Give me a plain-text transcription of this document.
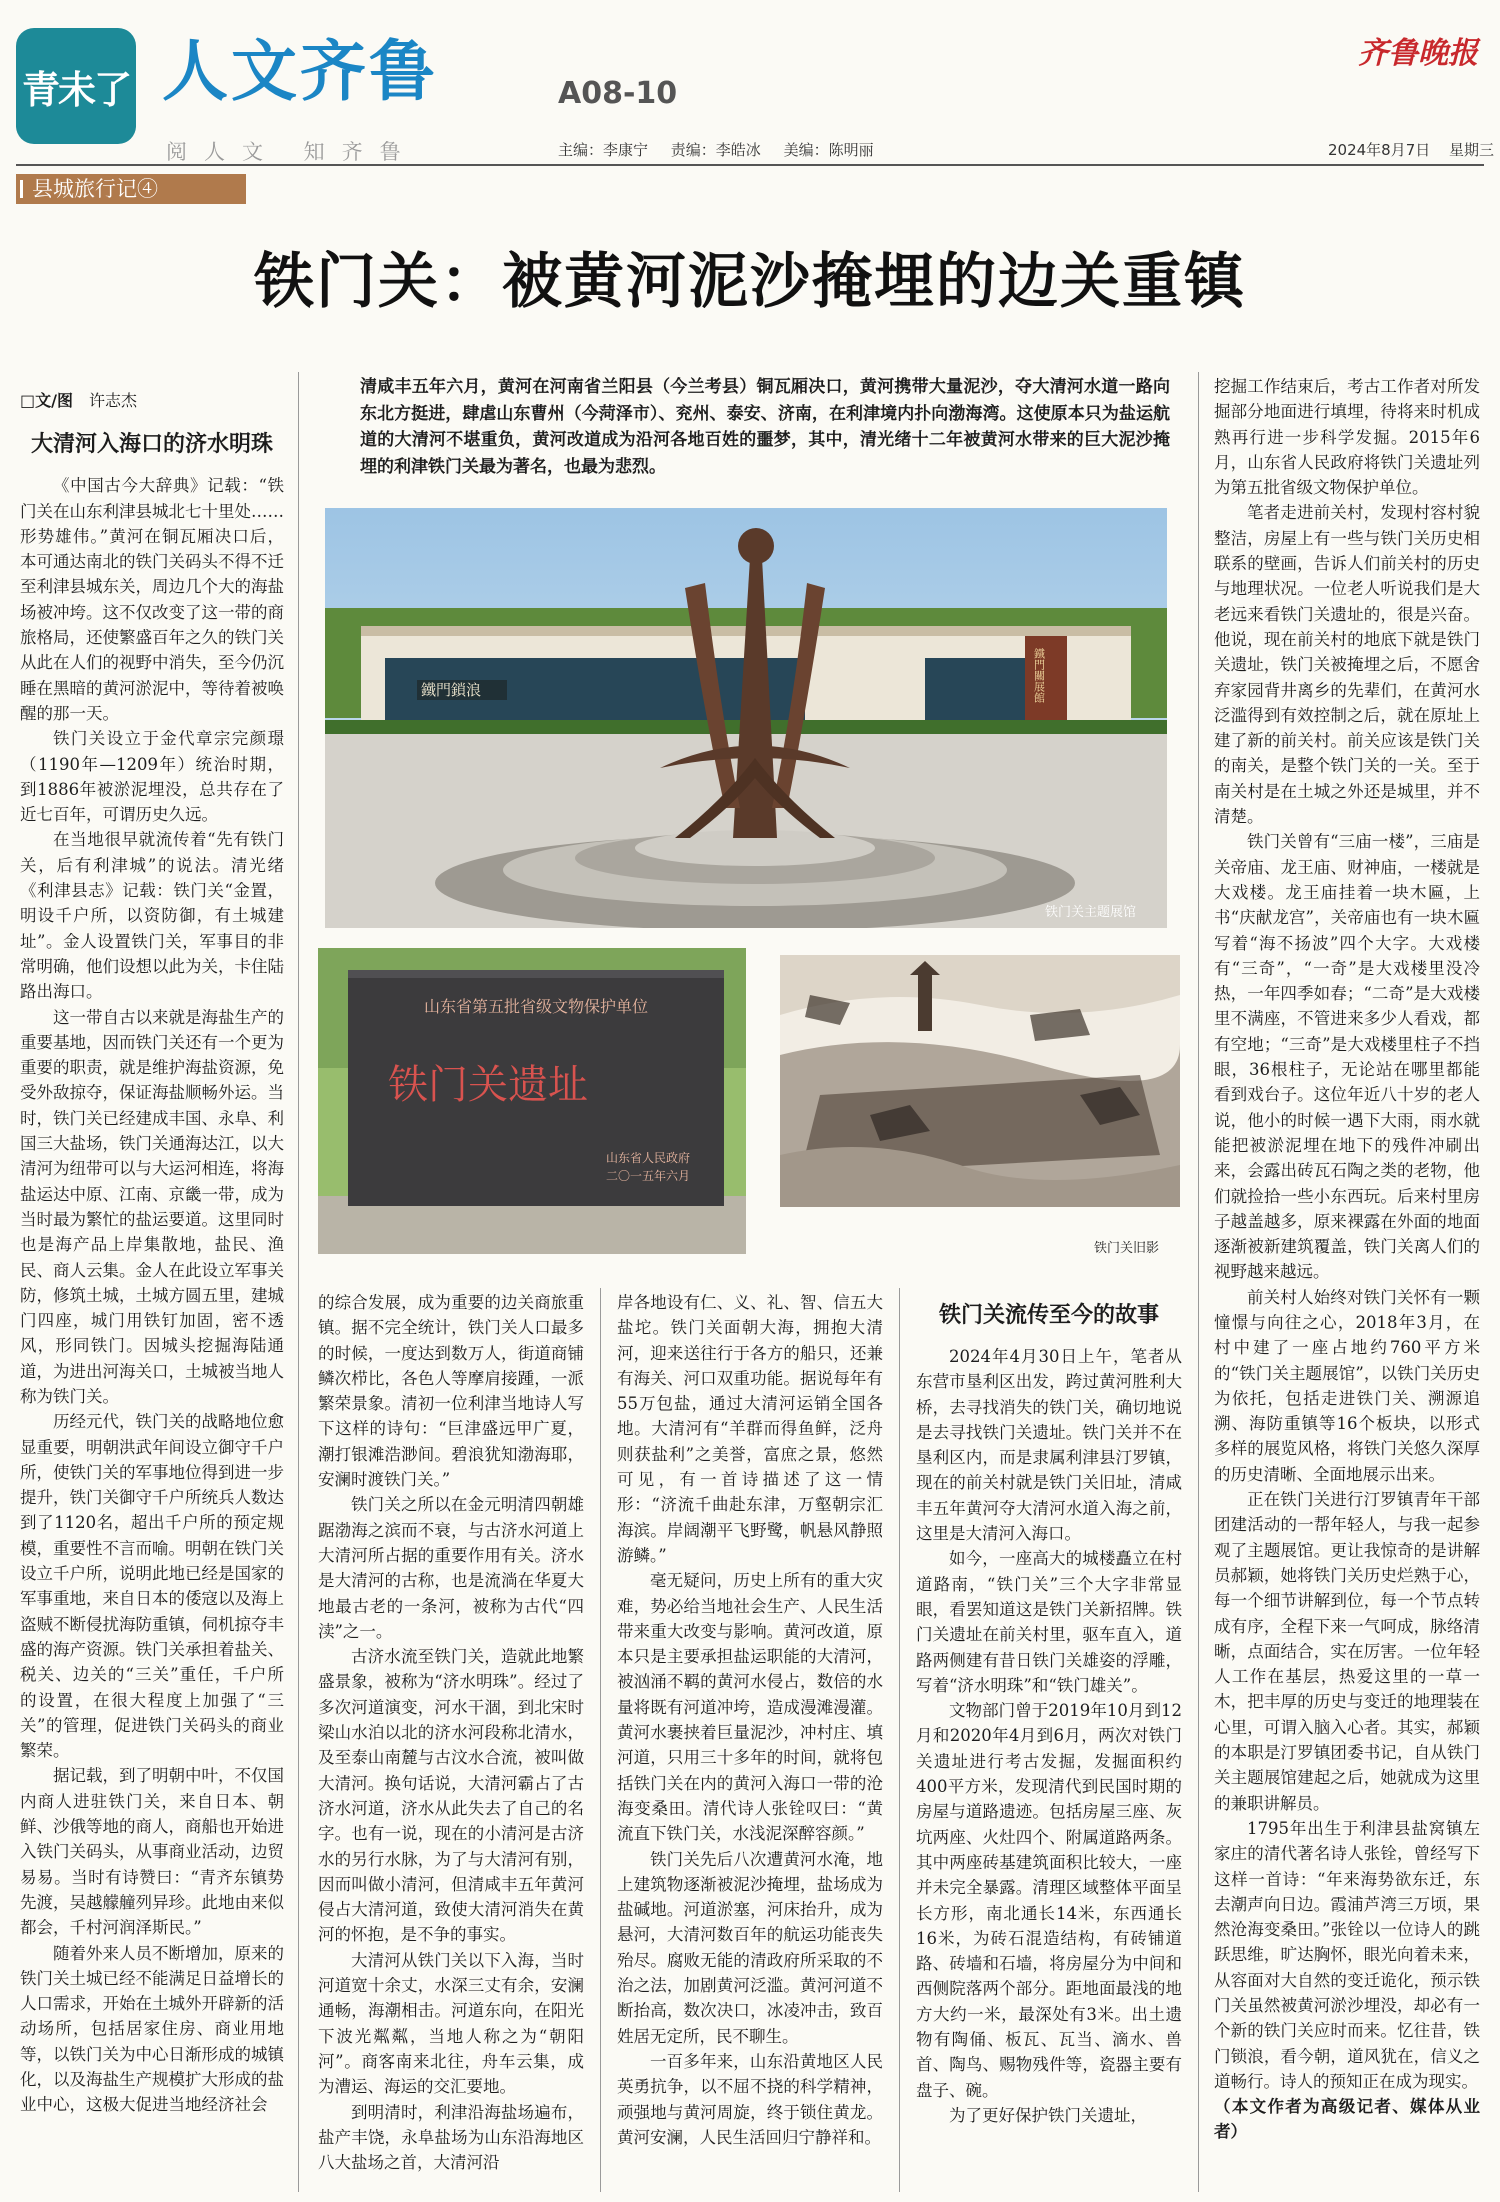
青未了 人文齐鲁	A08-10
齐鲁晚报
阅人文 知齐鲁	主编：李康宁 责编：李皓冰 美编：陈明丽	2024年8月7日 星期三
县城旅行记④
铁门关：被黄河泥沙掩埋的边关重镇

□文/图 许志杰

大清河入海口的济水明珠

《中国古今大辞典》记载：“铁门关在山东利津县城北七十里处……形势雄伟。”黄河在铜瓦厢决口后，本可通达南北的铁门关码头不得不迁至利津县城东关，周边几个大的海盐场被冲垮。这不仅改变了这一带的商旅格局，还使繁盛百年之久的铁门关从此在人们的视野中消失，至今仍沉睡在黑暗的黄河淤泥中，等待着被唤醒的那一天。

铁门关设立于金代章宗完颜璟（1190年—1209年）统治时期，到1886年被淤泥埋没，总共存在了近七百年，可谓历史久远。

在当地很早就流传着“先有铁门关，后有利津城”的说法。清光绪《利津县志》记载：铁门关“金置，明设千户所，以资防御，有土城建址”。金人设置铁门关，军事目的非常明确，他们设想以此为关，卡住陆路出海口。

这一带自古以来就是海盐生产的重要基地，因而铁门关还有一个更为重要的职责，就是维护海盐资源，免受外敌掠夺，保证海盐顺畅外运。当时，铁门关已经建成丰国、永阜、利国三大盐场，铁门关通海达江，以大清河为纽带可以与大运河相连，将海盐运达中原、江南、京畿一带，成为当时最为繁忙的盐运要道。这里同时也是海产品上岸集散地，盐民、渔民、商人云集。金人在此设立军事关防，修筑土城，土城方圆五里，建城门四座，城门用铁钉加固，密不透风，形同铁门。因城头挖掘海陆通道，为进出河海关口，土城被当地人称为铁门关。

历经元代，铁门关的战略地位愈显重要，明朝洪武年间设立御守千户所，使铁门关的军事地位得到进一步提升，铁门关御守千户所统兵人数达到了1120名，超出千户所的预定规模，重要性不言而喻。明朝在铁门关设立千户所，说明此地已经是国家的军事重地，来自日本的倭寇以及海上盗贼不断侵扰海防重镇，伺机掠夺丰盛的海产资源。铁门关承担着盐关、税关、边关的“三关”重任，千户所的设置，在很大程度上加强了“三关”的管理，促进铁门关码头的商业繁荣。

据记载，到了明朝中叶，不仅国内商人进驻铁门关，来自日本、朝鲜、沙俄等地的商人，商船也开始进入铁门关码头，从事商业活动，边贸易易。当时有诗赞曰：“青齐东镇势先渡，吴越艨艟列异珍。此地由来似都会，千村河润泽斯民。”

随着外来人员不断增加，原来的铁门关土城已经不能满足日益增长的人口需求，开始在土城外开辟新的活动场所，包括居家住房、商业用地等，以铁门关为中心日渐形成的城镇化，以及海盐生产规模扩大形成的盐业中心，这极大促进当地经济社会

清咸丰五年六月，黄河在河南省兰阳县（今兰考县）铜瓦厢决口，黄河携带大量泥沙，夺大清河水道一路向东北方挺进，肆虐山东曹州（今菏泽市）、兖州、泰安、济南，在利津境内扑向渤海湾。这使原本只为盐运航道的大清河不堪重负，黄河改道成为沿河各地百姓的噩梦，其中，清光绪十二年被黄河水带来的巨大泥沙掩埋的利津铁门关最为著名，也最为悲烈。
鐵門鎖浪	鐵門關展館
铁门关主题展馆
山东省第五批省级文物保护单位
铁门关遗址
山东省人民政府
二〇一五年六月
铁门关旧影

的综合发展，成为重要的边关商旅重镇。据不完全统计，铁门关人口最多的时候，一度达到数万人，街道商铺鳞次栉比，各色人等摩肩接踵，一派繁荣景象。清初一位利津当地诗人写下这样的诗句：“巨津盛远甲广夏，潮打银滩浩渺间。碧浪犹知渤海耶，安澜时渡铁门关。”

铁门关之所以在金元明清四朝雄踞渤海之滨而不衰，与古济水河道上大清河所占据的重要作用有关。济水是大清河的古称，也是流淌在华夏大地最古老的一条河，被称为古代“四渎”之一。

古济水流至铁门关，造就此地繁盛景象，被称为“济水明珠”。经过了多次河道演变，河水干涸，到北宋时梁山水泊以北的济水河段称北清水，及至泰山南麓与古汶水合流，被叫做大清河。换句话说，大清河霸占了古济水河道，济水从此失去了自己的名字。也有一说，现在的小清河是古济水的另行水脉，为了与大清河有别，因而叫做小清河，但清咸丰五年黄河侵占大清河道，致使大清河消失在黄河的怀抱，是不争的事实。

大清河从铁门关以下入海，当时河道宽十余丈，水深三丈有余，安澜通畅，海潮相击。河道东向，在阳光下波光粼粼，当地人称之为“朝阳河”。商客南来北往，舟车云集，成为漕运、海运的交汇要地。

到明清时，利津沿海盐场遍布，盐产丰饶，永阜盐场为山东沿海地区八大盐场之首，大清河沿

岸各地设有仁、义、礼、智、信五大盐坨。铁门关面朝大海，拥抱大清河，迎来送往行于各方的船只，还兼有海关、河口双重功能。据说每年有55万包盐，通过大清河运销全国各地。大清河有“羊群而得鱼鲜，泛舟则获盐利”之美誉，富庶之景，悠然可见，有一首诗描述了这一情形：“济流千曲赴东津，万壑朝宗汇海滨。岸阔潮平飞野鹭，帆悬风静照游鳞。”

毫无疑问，历史上所有的重大灾难，势必给当地社会生产、人民生活带来重大改变与影响。黄河改道，原本只是主要承担盐运职能的大清河，被汹涌不羁的黄河水侵占，数倍的水量将既有河道冲垮，造成漫滩漫灌。黄河水裹挟着巨量泥沙，冲村庄、填河道，只用三十多年的时间，就将包括铁门关在内的黄河入海口一带的沧海变桑田。清代诗人张铨叹曰：“黄流直下铁门关，水浅泥深醉容颜。”

铁门关先后八次遭黄河水淹，地上建筑物逐渐被泥沙掩埋，盐场成为盐碱地。河道淤塞，河床抬升，成为悬河，大清河数百年的航运功能丧失殆尽。腐败无能的清政府所采取的不治之法，加剧黄河泛滥。黄河河道不断抬高，数次决口，冰凌冲击，致百姓居无定所，民不聊生。

一百多年来，山东沿黄地区人民英勇抗争，以不屈不挠的科学精神，顽强地与黄河周旋，终于锁住黄龙。黄河安澜，人民生活回归宁静祥和。

铁门关流传至今的故事

2024年4月30日上午，笔者从东营市垦利区出发，跨过黄河胜利大桥，去寻找消失的铁门关，确切地说是去寻找铁门关遗址。铁门关并不在垦利区内，而是隶属利津县汀罗镇，现在的前关村就是铁门关旧址，清咸丰五年黄河夺大清河水道入海之前，这里是大清河入海口。

如今，一座高大的城楼矗立在村道路南，“铁门关”三个大字非常显眼，看罢知道这是铁门关新招牌。铁门关遗址在前关村里，驱车直入，道路两侧建有昔日铁门关雄姿的浮雕，写着“济水明珠”和“铁门雄关”。

文物部门曾于2019年10月到12月和2020年4月到6月，两次对铁门关遗址进行考古发掘，发掘面积约400平方米，发现清代到民国时期的房屋与道路遗迹。包括房屋三座、灰坑两座、火灶四个、附属道路两条。其中两座砖基建筑面积比较大，一座并未完全暴露。清理区域整体平面呈长方形，南北通长14米，东西通长16米，为砖石混造结构，有砖铺道路、砖墙和石墙，将房屋分为中间和西侧院落两个部分。距地面最浅的地方大约一米，最深处有3米。出土遗物有陶俑、板瓦、瓦当、滴水、兽首、陶鸟、赐物残件等，瓷器主要有盘子、碗。

为了更好保护铁门关遗址，

挖掘工作结束后，考古工作者对所发掘部分地面进行填埋，待将来时机成熟再行进一步科学发掘。2015年6月，山东省人民政府将铁门关遗址列为第五批省级文物保护单位。

笔者走进前关村，发现村容村貌整洁，房屋上有一些与铁门关历史相联系的壁画，告诉人们前关村的历史与地理状况。一位老人听说我们是大老远来看铁门关遗址的，很是兴奋。他说，现在前关村的地底下就是铁门关遗址，铁门关被掩埋之后，不愿舍弃家园背井离乡的先辈们，在黄河水泛滥得到有效控制之后，就在原址上建了新的前关村。前关应该是铁门关的南关，是整个铁门关的一关。至于南关村是在土城之外还是城里，并不清楚。

铁门关曾有“三庙一楼”，三庙是关帝庙、龙王庙、财神庙，一楼就是大戏楼。龙王庙挂着一块木匾，上书“庆献龙宫”，关帝庙也有一块木匾写着“海不扬波”四个大字。大戏楼有“三奇”，“一奇”是大戏楼里没冷热，一年四季如春；“二奇”是大戏楼里不满座，不管进来多少人看戏，都有空地；“三奇”是大戏楼里柱子不挡眼，36根柱子，无论站在哪里都能看到戏台子。这位年近八十岁的老人说，他小的时候一遇下大雨，雨水就能把被淤泥埋在地下的残件冲刷出来，会露出砖瓦石陶之类的老物，他们就捡拾一些小东西玩。后来村里房子越盖越多，原来裸露在外面的地面逐渐被新建筑覆盖，铁门关离人们的视野越来越远。

前关村人始终对铁门关怀有一颗憧憬与向往之心，2018年3月，在村中建了一座占地约760平方米的“铁门关主题展馆”，以铁门关历史为依托，包括走进铁门关、溯源追溯、海防重镇等16个板块，以形式多样的展览风格，将铁门关悠久深厚的历史清晰、全面地展示出来。

正在铁门关进行汀罗镇青年干部团建活动的一帮年轻人，与我一起参观了主题展馆。更让我惊奇的是讲解员郝颖，她将铁门关历史烂熟于心，每一个细节讲解到位，每一个节点转成有序，全程下来一气呵成，脉络清晰，点面结合，实在厉害。一位年轻人工作在基层，热爱这里的一草一木，把丰厚的历史与变迁的地理装在心里，可谓入脑入心者。其实，郝颖的本职是汀罗镇团委书记，自从铁门关主题展馆建起之后，她就成为这里的兼职讲解员。

1795年出生于利津县盐窝镇左家庄的清代著名诗人张铨，曾经写下这样一首诗：“年来海势欲东迁，东去潮声向日边。霞浦芦湾三万顷，果然沧海变桑田。”张铨以一位诗人的跳跃思维，旷达胸怀，眼光向着未来，从容面对大自然的变迁诡化，预示铁门关虽然被黄河淤沙埋没，却必有一个新的铁门关应时而来。忆往昔，铁门锁浪，看今朝，道风犹在，信义之道畅行。诗人的预知正在成为现实。

（本文作者为高级记者、媒体从业者）
